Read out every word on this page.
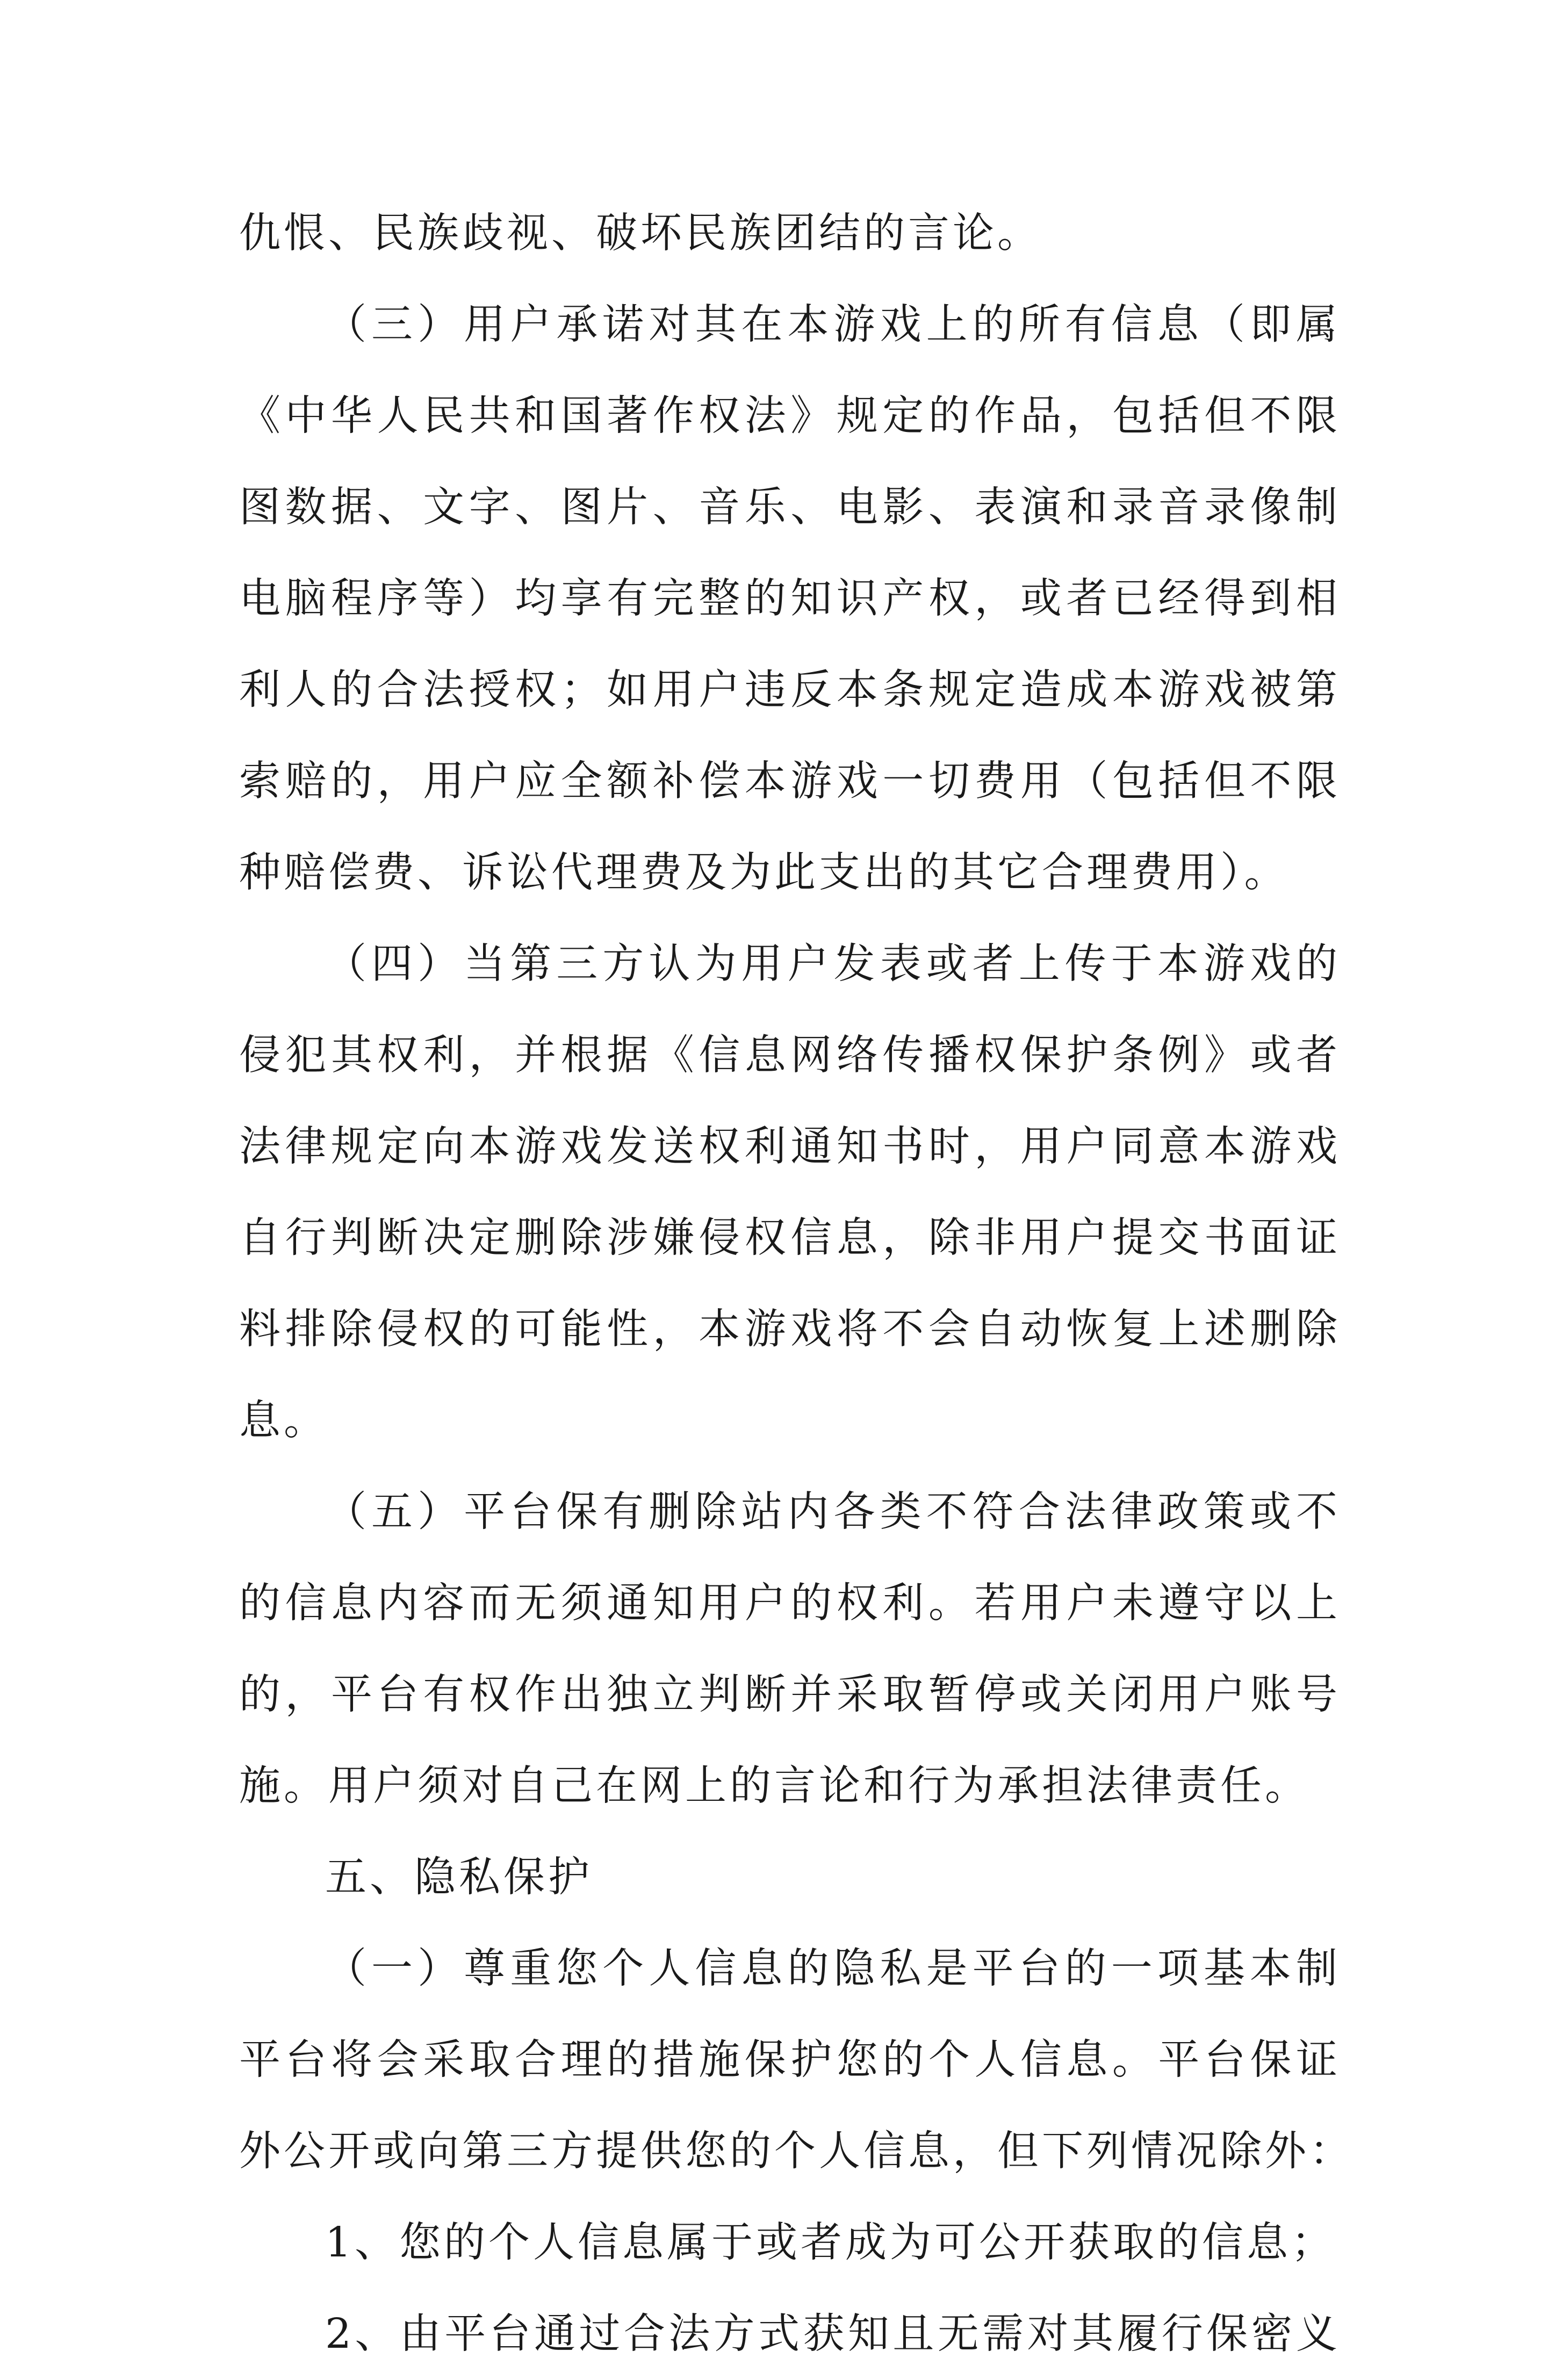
仇恨、民族歧视、破坏民族团结的言论。
（三）用户承诺对其在本游戏上的所有信息（即属
《中华人民共和国著作权法》规定的作品，包括但不限
图数据、文字、图片、音乐、电影、表演和录音录像制
电脑程序等）均享有完整的知识产权，或者已经得到相
利人的合法授权；如用户违反本条规定造成本游戏被第
索赔的，用户应全额补偿本游戏一切费用（包括但不限
种赔偿费、诉讼代理费及为此支出的其它合理费用）。
（四）当第三方认为用户发表或者上传于本游戏的
侵犯其权利，并根据《信息网络传播权保护条例》或者
法律规定向本游戏发送权利通知书时，用户同意本游戏
自行判断决定删除涉嫌侵权信息，除非用户提交书面证
料排除侵权的可能性，本游戏将不会自动恢复上述删除
息。
（五）平台保有删除站内各类不符合法律政策或不
的信息内容而无须通知用户的权利。若用户未遵守以上
的，平台有权作出独立判断并采取暂停或关闭用户账号
施。用户须对自己在网上的言论和行为承担法律责任。
五、隐私保护
（一）尊重您个人信息的隐私是平台的一项基本制
平台将会采取合理的措施保护您的个人信息。平台保证
外公开或向第三方提供您的个人信息，但下列情况除外：
1、您的个人信息属于或者成为可公开获取的信息；
2、由平台通过合法方式获知且无需对其履行保密义
